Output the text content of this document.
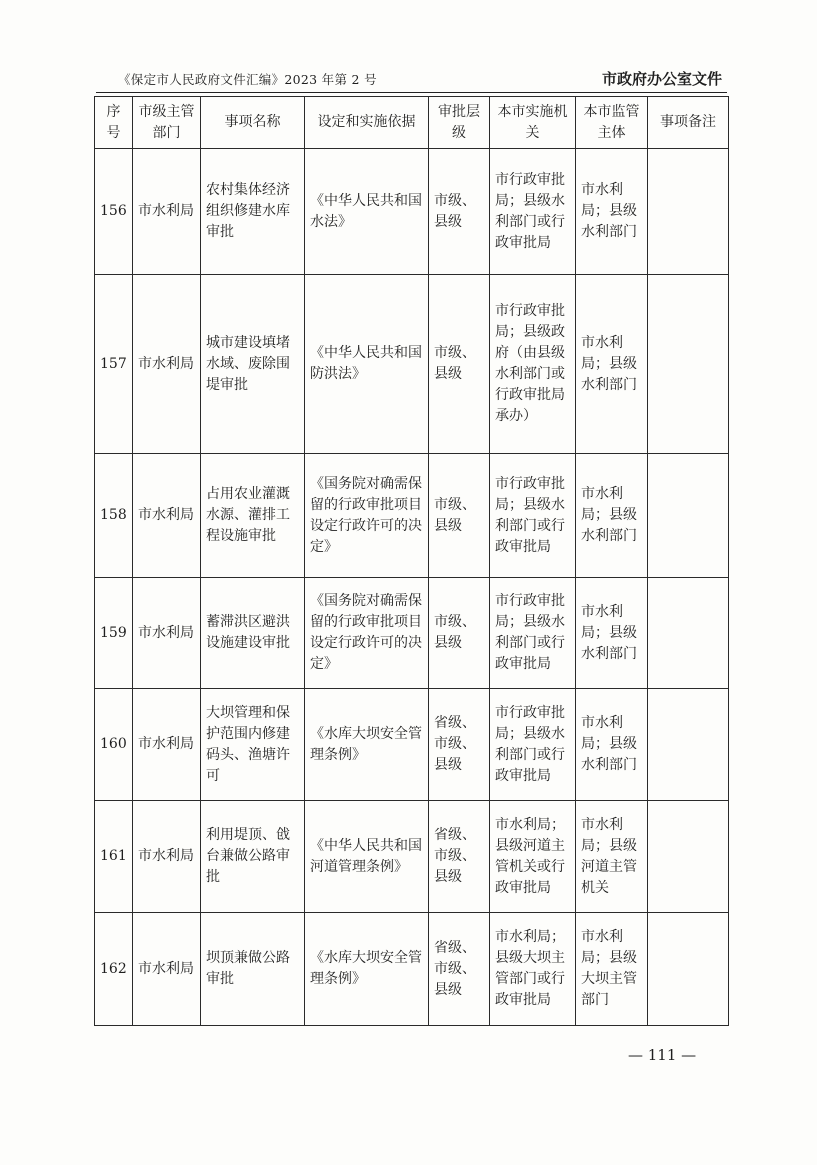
《保定市人民政府文件汇编》2023 年第 2 号	市政府办公室文件
序号	市级主管部门	事项名称	设定和实施依据	审批层级	本市实施机关	本市监管主体	事项备注
156	市水利局	农村集体经济组织修建水库审批	《中华人民共和国水法》	市级、县级	市行政审批局；县级水利部门或行政审批局	市水利局；县级水利部门	
157	市水利局	城市建设填堵水域、废除围堤审批	《中华人民共和国防洪法》	市级、县级	市行政审批局；县级政府（由县级水利部门或行政审批局承办）	市水利局；县级水利部门	
158	市水利局	占用农业灌溉水源、灌排工程设施审批	《国务院对确需保留的行政审批项目设定行政许可的决定》	市级、县级	市行政审批局；县级水利部门或行政审批局	市水利局；县级水利部门	
159	市水利局	蓄滞洪区避洪设施建设审批	《国务院对确需保留的行政审批项目设定行政许可的决定》	市级、县级	市行政审批局；县级水利部门或行政审批局	市水利局；县级水利部门	
160	市水利局	大坝管理和保护范围内修建码头、渔塘许可	《水库大坝安全管理条例》	省级、市级、县级	市行政审批局；县级水利部门或行政审批局	市水利局；县级水利部门	
161	市水利局	利用堤顶、戗台兼做公路审批	《中华人民共和国河道管理条例》	省级、市级、县级	市水利局；县级河道主管机关或行政审批局	市水利局；县级河道主管机关	
162	市水利局	坝顶兼做公路审批	《水库大坝安全管理条例》	省级、市级、县级	市水利局；县级大坝主管部门或行政审批局	市水利局；县级大坝主管部门	
— 111 —
